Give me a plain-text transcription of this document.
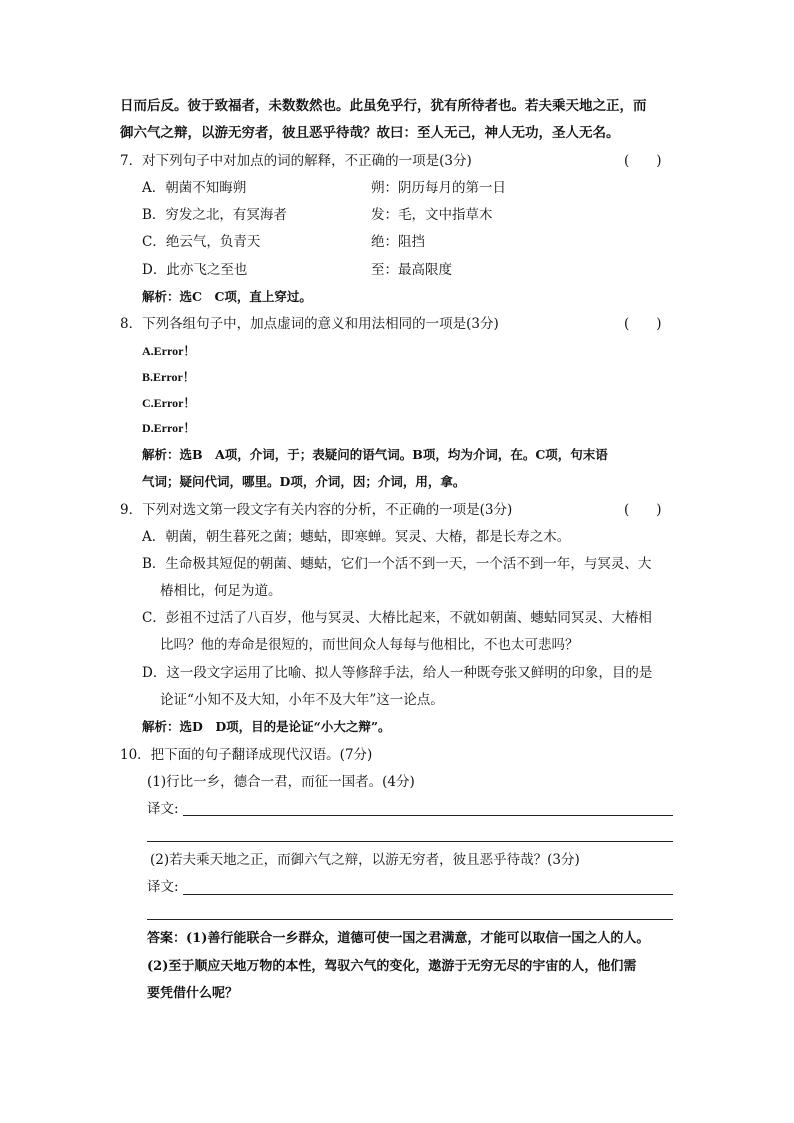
日而后反。彼于致福者，未数数然也。此虽免乎行，犹有所待者也。若夫乘天地之正，而
御六气之辩，以游无穷者，彼且恶乎待哉？故曰：至人无己，神人无功，圣人无名。
7．对下列句子中对加点的词的解释，不正确的一项是(3分)	(　　)
A．朝菌不知晦朔	朔：阴历每月的第一日
B．穷发之北，有冥海者	发：毛，文中指草木
C．绝云气，负青天	绝：阻挡
D．此亦飞之至也	至：最高限度
解析：选C　C项，直上穿过。
8．下列各组句子中，加点虚词的意义和用法相同的一项是(3分)	(　　)
A.Error！
B.Error！
C.Error！
D.Error！
解析：选B　A项，介词，于；表疑问的语气词。B项，均为介词，在。C项，句末语
气词；疑问代词，哪里。D项，介词，因；介词，用，拿。
9．下列对选文第一段文字有关内容的分析，不正确的一项是(3分)	(　　)
A．朝菌，朝生暮死之菌；蟪蛄，即寒蝉。冥灵、大椿，都是长寿之木。
B．生命极其短促的朝菌、蟪蛄，它们一个活不到一天，一个活不到一年，与冥灵、大
椿相比，何足为道。
C．彭祖不过活了八百岁，他与冥灵、大椿比起来，不就如朝菌、蟪蛄同冥灵、大椿相
比吗？他的寿命是很短的，而世间众人每每与他相比，不也太可悲吗？
D．这一段文字运用了比喻、拟人等修辞手法，给人一种既夸张又鲜明的印象，目的是
论证“小知不及大知，小年不及大年”这一论点。
解析：选D　D项，目的是论证“小大之辩”。
10．把下面的句子翻译成现代汉语。(7分)
(1)行比一乡，德合一君，而征一国者。(4分)
译文:
(2)若夫乘天地之正，而御六气之辩，以游无穷者，彼且恶乎待哉？(3分)
译文:
答案：(1)善行能联合一乡群众，道德可使一国之君满意，才能可以取信一国之人的人。
(2)至于顺应天地万物的本性，驾驭六气的变化，遨游于无穷无尽的宇宙的人，他们需
要凭借什么呢？
